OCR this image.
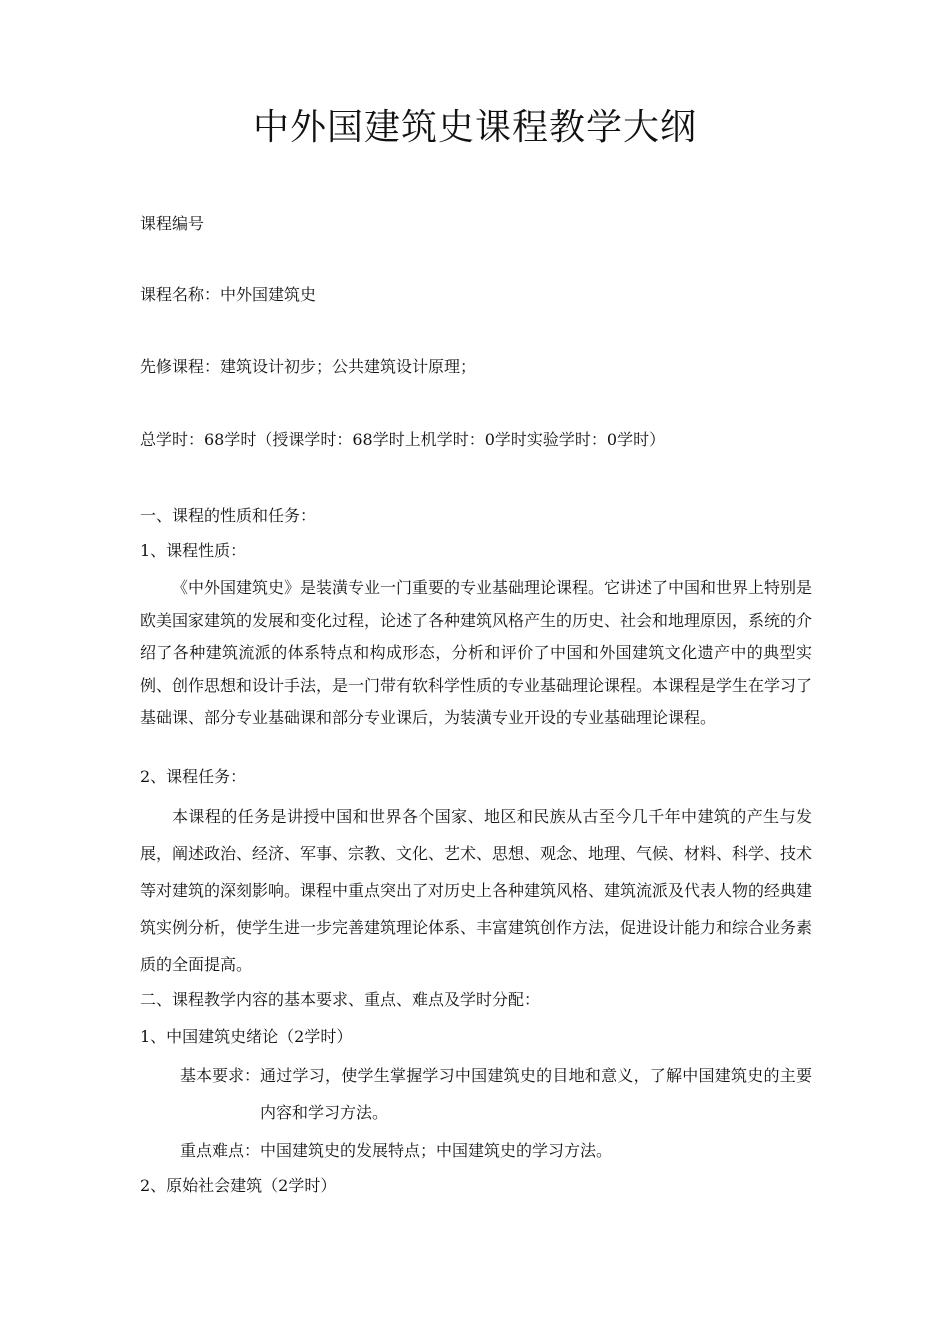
中外国建筑史课程教学大纲
课程编号
课程名称：中外国建筑史
先修课程：建筑设计初步；公共建筑设计原理；
总学时：68学时（授课学时：68学时上机学时：0学时实验学时：0学时）
一、课程的性质和任务：
1、课程性质：
《中外国建筑史》是装潢专业一门重要的专业基础理论课程。它讲述了中国和世界上特别是欧美国家建筑的发展和变化过程，论述了各种建筑风格产生的历史、社会和地理原因，系统的介绍了各种建筑流派的体系特点和构成形态，分析和评价了中国和外国建筑文化遗产中的典型实例、创作思想和设计手法，是一门带有软科学性质的专业基础理论课程。本课程是学生在学习了基础课、部分专业基础课和部分专业课后，为装潢专业开设的专业基础理论课程。
2、课程任务：
本课程的任务是讲授中国和世界各个国家、地区和民族从古至今几千年中建筑的产生与发展，阐述政治、经济、军事、宗教、文化、艺术、思想、观念、地理、气候、材料、科学、技术等对建筑的深刻影响。课程中重点突出了对历史上各种建筑风格、建筑流派及代表人物的经典建筑实例分析，使学生进一步完善建筑理论体系、丰富建筑创作方法，促进设计能力和综合业务素质的全面提高。
二、课程教学内容的基本要求、重点、难点及学时分配：
1、中国建筑史绪论（2学时）
基本要求： 通过学习，使学生掌握学习中国建筑史的目地和意义，了解中国建筑史的主要内容和学习方法。
重点难点： 中国建筑史的发展特点；中国建筑史的学习方法。
2、原始社会建筑（2学时）
